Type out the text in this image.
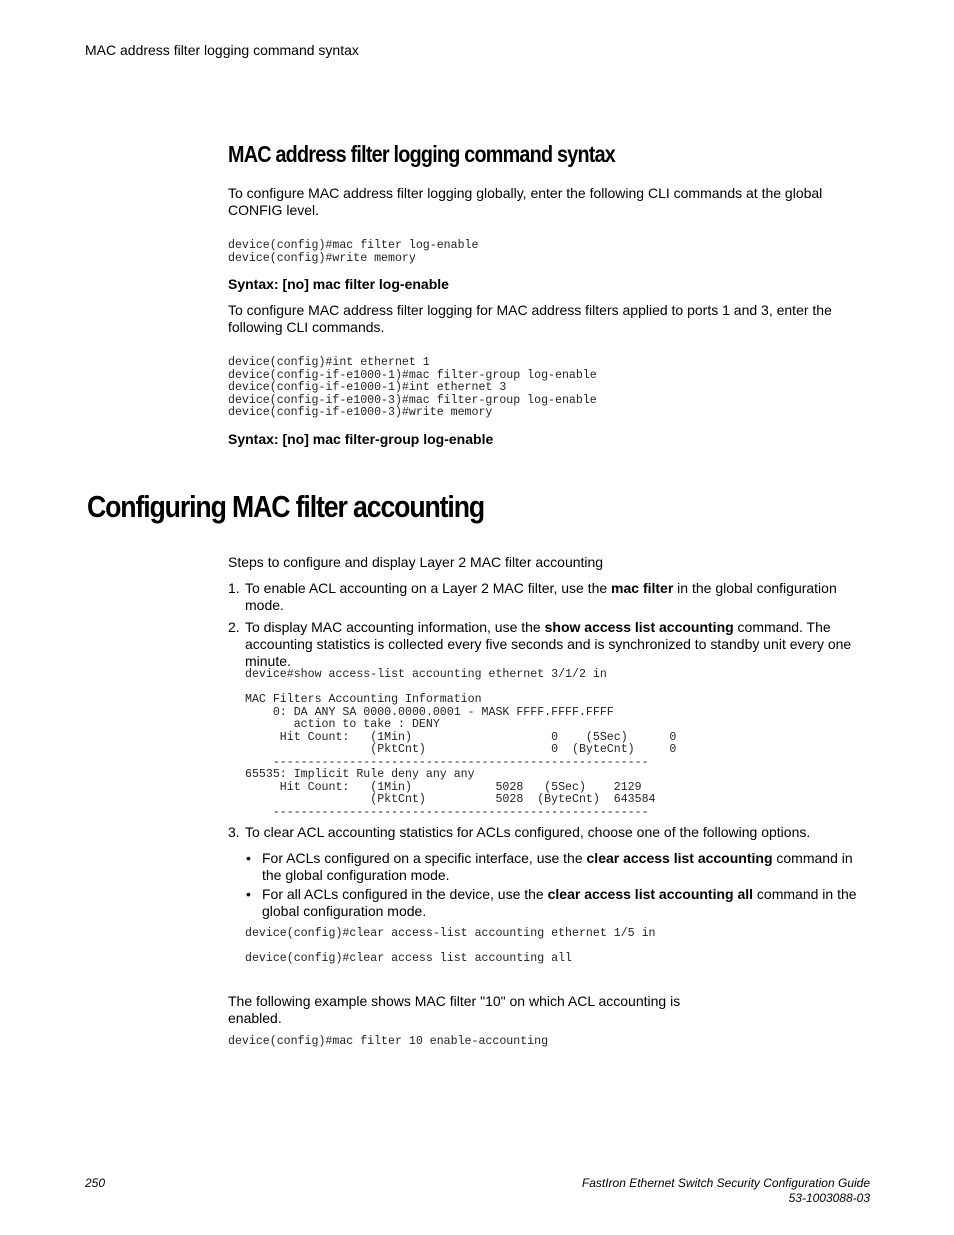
MAC address filter logging command syntax
MAC address filter logging command syntax
To configure MAC address filter logging globally, enter the following CLI commands at the global CONFIG level.
device(config)#mac filter log-enable
device(config)#write memory
Syntax: [no] mac filter log-enable
To configure MAC address filter logging for MAC address filters applied to ports 1 and 3, enter the following CLI commands.
device(config)#int ethernet 1
device(config-if-e1000-1)#mac filter-group log-enable
device(config-if-e1000-1)#int ethernet 3
device(config-if-e1000-3)#mac filter-group log-enable
device(config-if-e1000-3)#write memory
Syntax: [no] mac filter-group log-enable
Configuring MAC filter accounting
Steps to configure and display Layer 2 MAC filter accounting
1. To enable ACL accounting on a Layer 2 MAC filter, use the mac filter in the global configuration mode.
2. To display MAC accounting information, use the show access list accounting command. The accounting statistics is collected every five seconds and is synchronized to standby unit every one minute.
device#show access-list accounting ethernet 3/1/2 in

MAC Filters Accounting Information
0: DA ANY SA 0000.0000.0001 - MASK FFFF.FFFF.FFFF
action to take : DENY
Hit Count:   (1Min)                    0    (5Sec)      0
(PktCnt)                  0  (ByteCnt)     0
------------------------------------------------------
65535: Implicit Rule deny any any
Hit Count:   (1Min)            5028   (5Sec)    2129
(PktCnt)          5028  (ByteCnt)  643584
------------------------------------------------------
3. To clear ACL accounting statistics for ACLs configured, choose one of the following options.
• For ACLs configured on a specific interface, use the clear access list accounting command in the global configuration mode.
• For all ACLs configured in the device, use the clear access list accounting all command in the global configuration mode.
device(config)#clear access-list accounting ethernet 1/5 in
device(config)#clear access list accounting all
The following example shows MAC filter "10" on which ACL accounting is enabled.
device(config)#mac filter 10 enable-accounting
250	FastIron Ethernet Switch Security Configuration Guide
53-1003088-03
